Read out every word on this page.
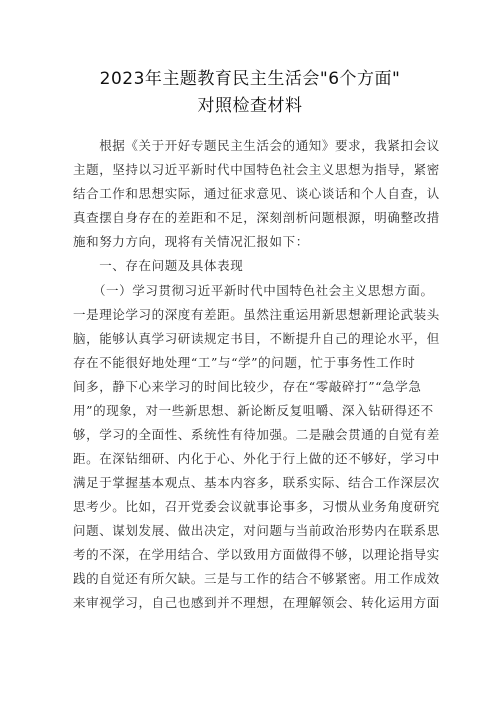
2023年主题教育民主生活会"6个方面"
对照检查材料
　　根据《关于开好专题民主生活会的通知》要求，我紧扣会议
主题，坚持以习近平新时代中国特色社会主义思想为指导，紧密
结合工作和思想实际，通过征求意见、谈心谈话和个人自查，认
真查摆自身存在的差距和不足，深刻剖析问题根源，明确整改措
施和努力方向，现将有关情况汇报如下：
　　一、存在问题及具体表现
　　（一）学习贯彻习近平新时代中国特色社会主义思想方面。
一是理论学习的深度有差距。虽然注重运用新思想新理论武装头
脑，能够认真学习研读规定书目，不断提升自己的理论水平，但
存在不能很好地处理“工”与“学”的问题，忙于事务性工作时
间多，静下心来学习的时间比较少，存在“零敲碎打”“急学急
用”的现象，对一些新思想、新论断反复咀嚼、深入钻研得还不
够，学习的全面性、系统性有待加强。二是融会贯通的自觉有差
距。在深钻细研、内化于心、外化于行上做的还不够好，学习中
满足于掌握基本观点、基本内容多，联系实际、结合工作深层次
思考少。比如，召开党委会议就事论事多，习惯从业务角度研究
问题、谋划发展、做出决定，对问题与当前政治形势内在联系思
考的不深，在学用结合、学以致用方面做得不够，以理论指导实
践的自觉还有所欠缺。三是与工作的结合不够紧密。用工作成效
来审视学习，自己也感到并不理想，在理解领会、转化运用方面
